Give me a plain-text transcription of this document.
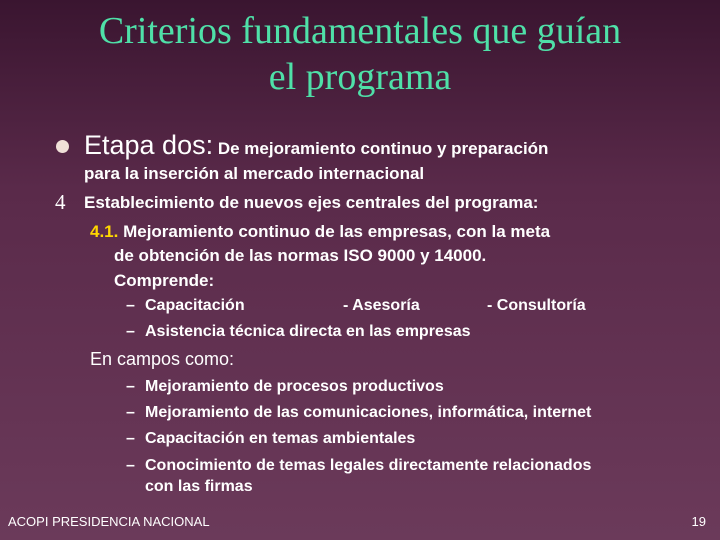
Criterios fundamentales que guían
el programa
Etapa dos: De mejoramiento continuo y preparación
para la inserción al mercado internacional
4 Establecimiento de nuevos ejes centrales del programa:
4.1. Mejoramiento continuo de las empresas, con la meta
de obtención de las normas ISO 9000 y 14000.
Comprende:
– Capacitación	- Asesoría	- Consultoría
– Asistencia técnica directa en las empresas
En campos como:
– Mejoramiento de procesos productivos
– Mejoramiento de las comunicaciones, informática, internet
– Capacitación en temas ambientales
– Conocimiento de temas legales directamente relacionados
con las firmas
ACOPI PRESIDENCIA NACIONAL	19
